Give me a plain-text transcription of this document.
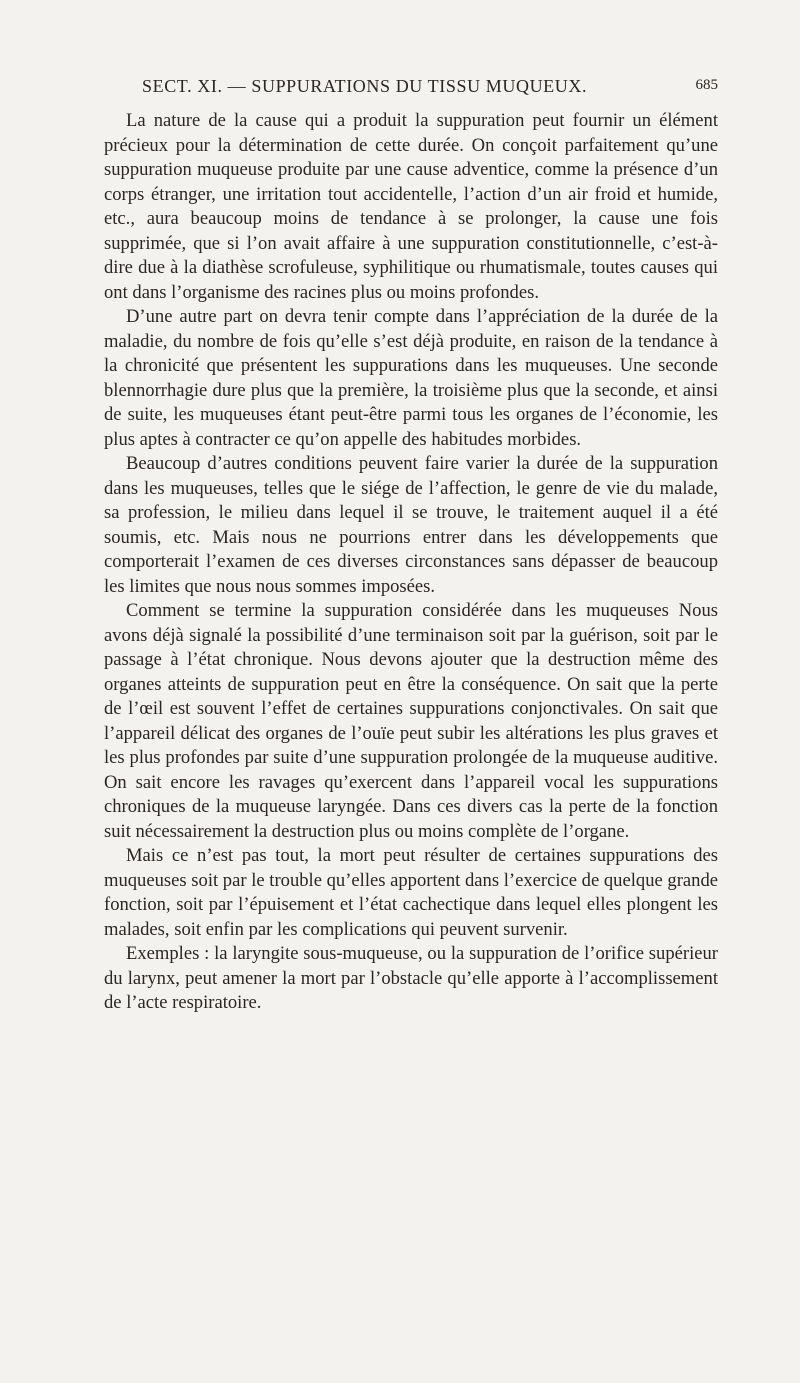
SECT. XI. — SUPPURATIONS DU TISSU MUQUEUX.	685

La nature de la cause qui a produit la suppuration peut fournir un élément précieux pour la détermination de cette durée. On conçoit parfaitement qu’une suppuration muqueuse produite par une cause adventice, comme la présence d’un corps étranger, une irritation tout accidentelle, l’action d’un air froid et humide, etc., aura beaucoup moins de tendance à se prolonger, la cause une fois supprimée, que si l’on avait affaire à une suppuration constitutionnelle, c’est-à-dire due à la diathèse scrofuleuse, syphilitique ou rhumatismale, toutes causes qui ont dans l’organisme des racines plus ou moins profondes.

D’une autre part on devra tenir compte dans l’appréciation de la durée de la maladie, du nombre de fois qu’elle s’est déjà produite, en raison de la tendance à la chronicité que présentent les suppurations dans les muqueuses. Une seconde blennorrhagie dure plus que la première, la troisième plus que la seconde, et ainsi de suite, les muqueuses étant peut-être parmi tous les organes de l’économie, les plus aptes à contracter ce qu’on appelle des habitudes morbides.

Beaucoup d’autres conditions peuvent faire varier la durée de la suppuration dans les muqueuses, telles que le siége de l’affection, le genre de vie du malade, sa profession, le milieu dans lequel il se trouve, le traitement auquel il a été soumis, etc. Mais nous ne pourrions entrer dans les développements que comporterait l’examen de ces diverses circonstances sans dépasser de beaucoup les limites que nous nous sommes imposées.

Comment se termine la suppuration considérée dans les muqueuses Nous avons déjà signalé la possibilité d’une terminaison soit par la guérison, soit par le passage à l’état chronique. Nous devons ajouter que la destruction même des organes atteints de suppuration peut en être la conséquence. On sait que la perte de l’œil est souvent l’effet de certaines suppurations conjonctivales. On sait que l’appareil délicat des organes de l’ouïe peut subir les altérations les plus graves et les plus profondes par suite d’une suppuration prolongée de la muqueuse auditive. On sait encore les ravages qu’exercent dans l’appareil vocal les suppurations chroniques de la muqueuse laryngée. Dans ces divers cas la perte de la fonction suit nécessairement la destruction plus ou moins complète de l’organe.

Mais ce n’est pas tout, la mort peut résulter de certaines suppurations des muqueuses soit par le trouble qu’elles apportent dans l’exercice de quelque grande fonction, soit par l’épuisement et l’état cachectique dans lequel elles plongent les malades, soit enfin par les complications qui peuvent survenir.

Exemples : la laryngite sous-muqueuse, ou la suppuration de l’orifice supérieur du larynx, peut amener la mort par l’obstacle qu’elle apporte à l’accomplissement de l’acte respiratoire.
